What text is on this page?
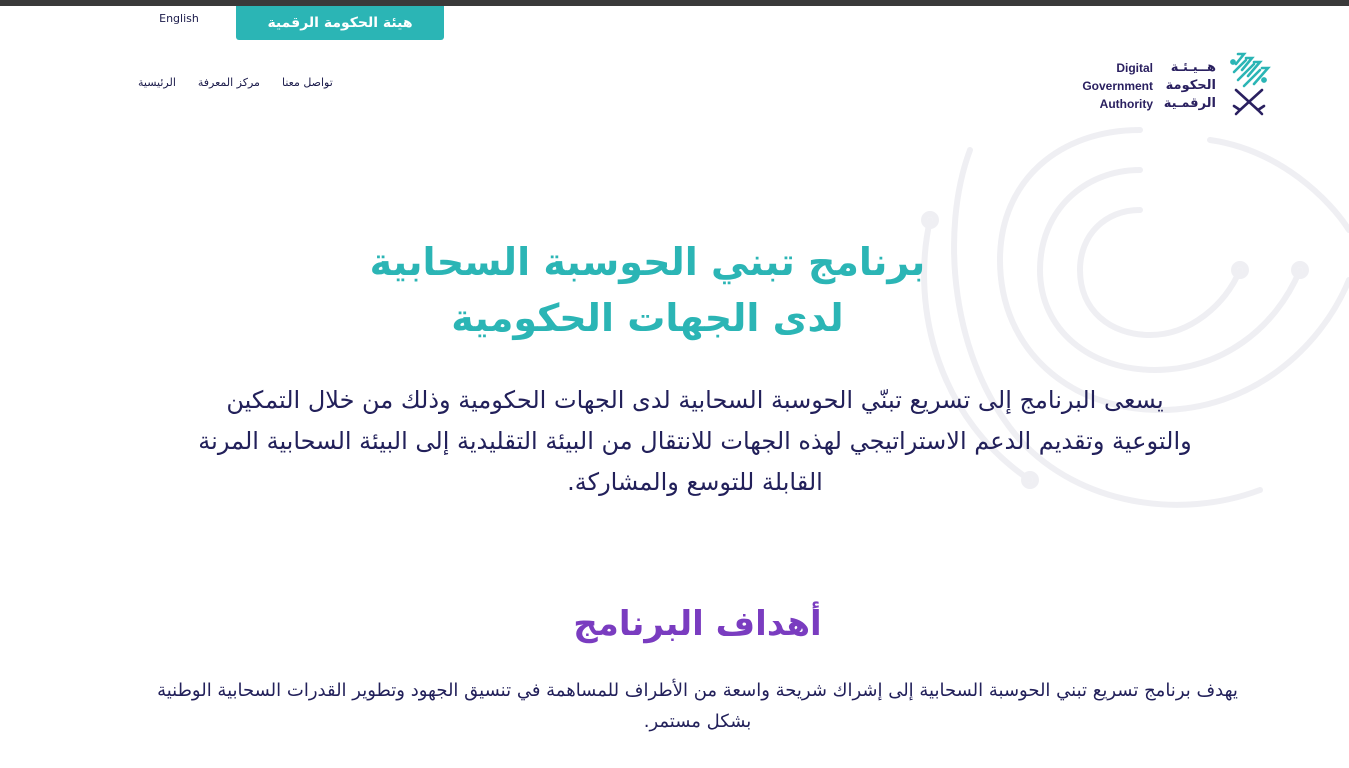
English	هيئة الحكومة الرقمية
الرئيسية مركز المعرفة تواصل معنا
Digital
Government
Authority
هــيـئـة
الحكومة
الرقمـية
برنامج تبني الحوسبة السحابية
لدى الجهات الحكومية

يسعى البرنامج إلى تسريع تبنّي الحوسبة السحابية لدى الجهات الحكومية وذلك من خلال التمكين والتوعية وتقديم الدعم الاستراتيجي لهذه الجهات للانتقال من البيئة التقليدية إلى البيئة السحابية المرنة القابلة للتوسع والمشاركة.

أهداف البرنامج

يهدف برنامج تسريع تبني الحوسبة السحابية إلى إشراك شريحة واسعة من الأطراف للمساهمة في تنسيق الجهود وتطوير القدرات السحابية الوطنية بشكل مستمر.
